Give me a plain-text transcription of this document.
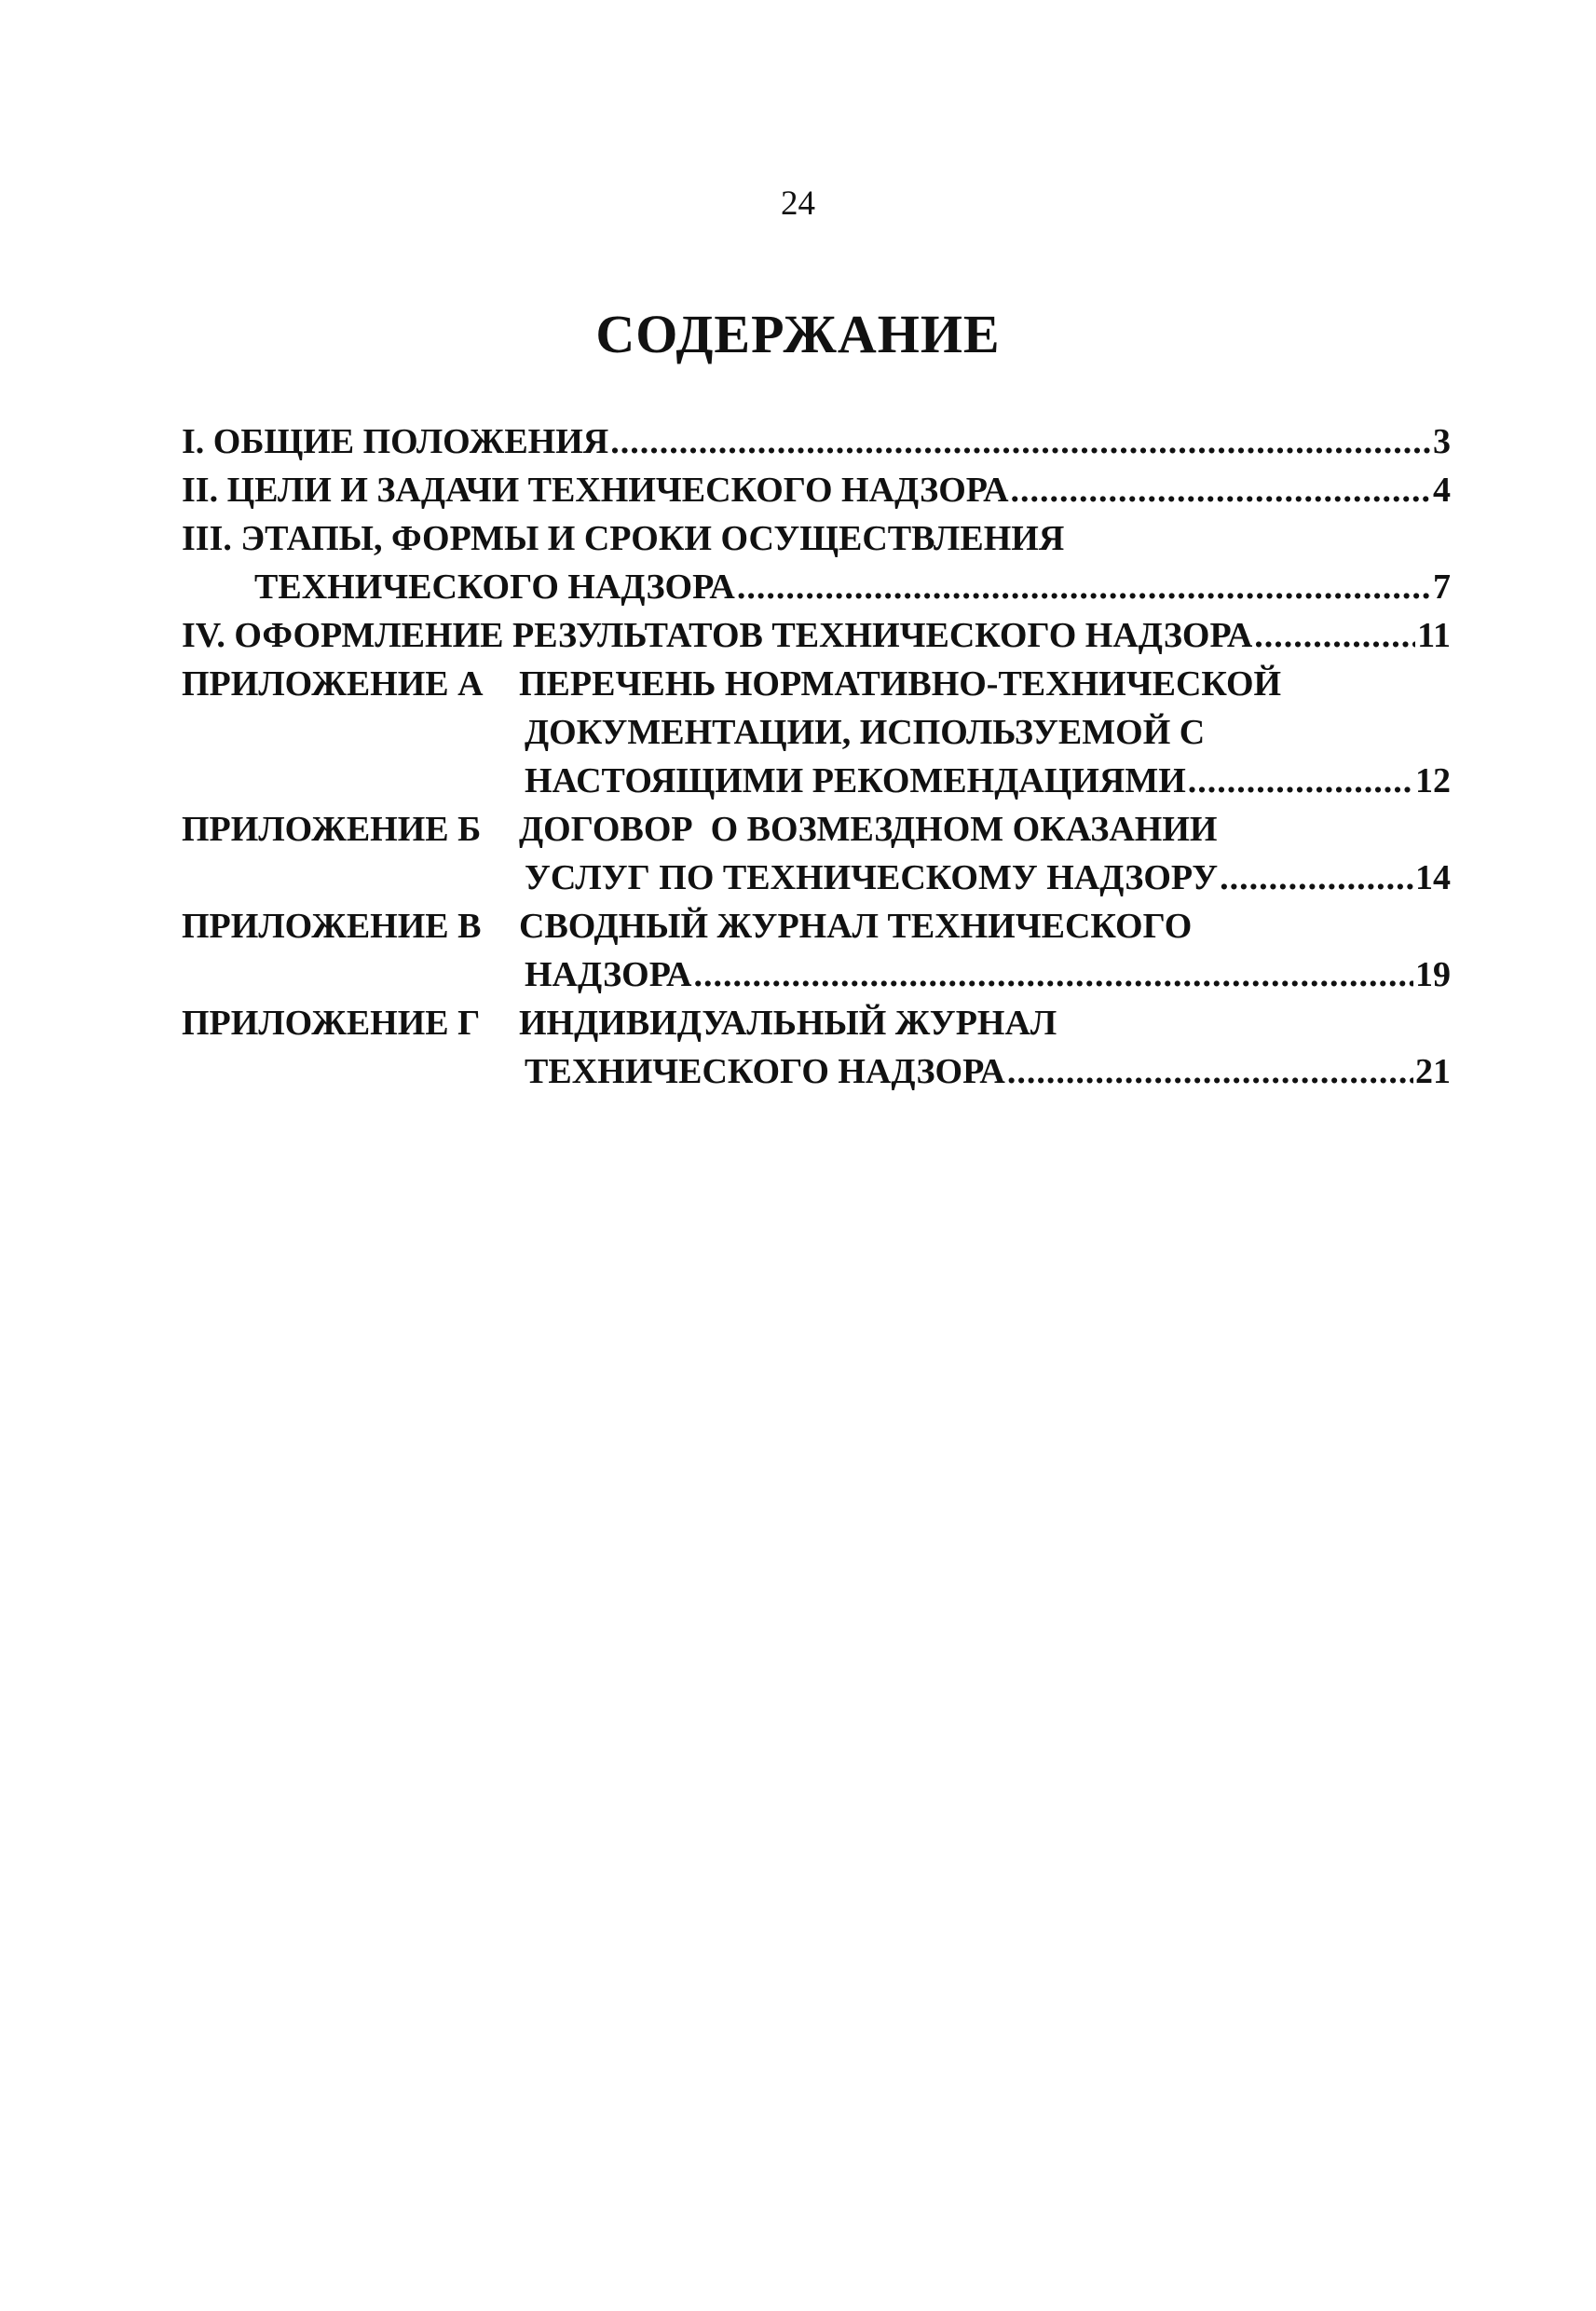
24
СОДЕРЖАНИЕ
I. ОБЩИЕ ПОЛОЖЕНИЯ .....	3
II. ЦЕЛИ И ЗАДАЧИ ТЕХНИЧЕСКОГО НАДЗОРА .....	4
III. ЭТАПЫ, ФОРМЫ И СРОКИ ОСУЩЕСТВЛЕНИЯ
ТЕХНИЧЕСКОГО НАДЗОРА .....	7
IV. ОФОРМЛЕНИЕ РЕЗУЛЬТАТОВ ТЕХНИЧЕСКОГО НАДЗОРА .....	11
ПРИЛОЖЕНИЕ А	ПЕРЕЧЕНЬ НОРМАТИВНО-ТЕХНИЧЕСКОЙ
ДОКУМЕНТАЦИИ, ИСПОЛЬЗУЕМОЙ С
НАСТОЯЩИМИ РЕКОМЕНДАЦИЯМИ .....	12
ПРИЛОЖЕНИЕ Б	ДОГОВОР  О ВОЗМЕЗДНОМ ОКАЗАНИИ
УСЛУГ ПО ТЕХНИЧЕСКОМУ НАДЗОРУ .....	14
ПРИЛОЖЕНИЕ В	СВОДНЫЙ ЖУРНАЛ ТЕХНИЧЕСКОГО
НАДЗОРА .....	19
ПРИЛОЖЕНИЕ Г	ИНДИВИДУАЛЬНЫЙ ЖУРНАЛ
ТЕХНИЧЕСКОГО НАДЗОРА .....	21
